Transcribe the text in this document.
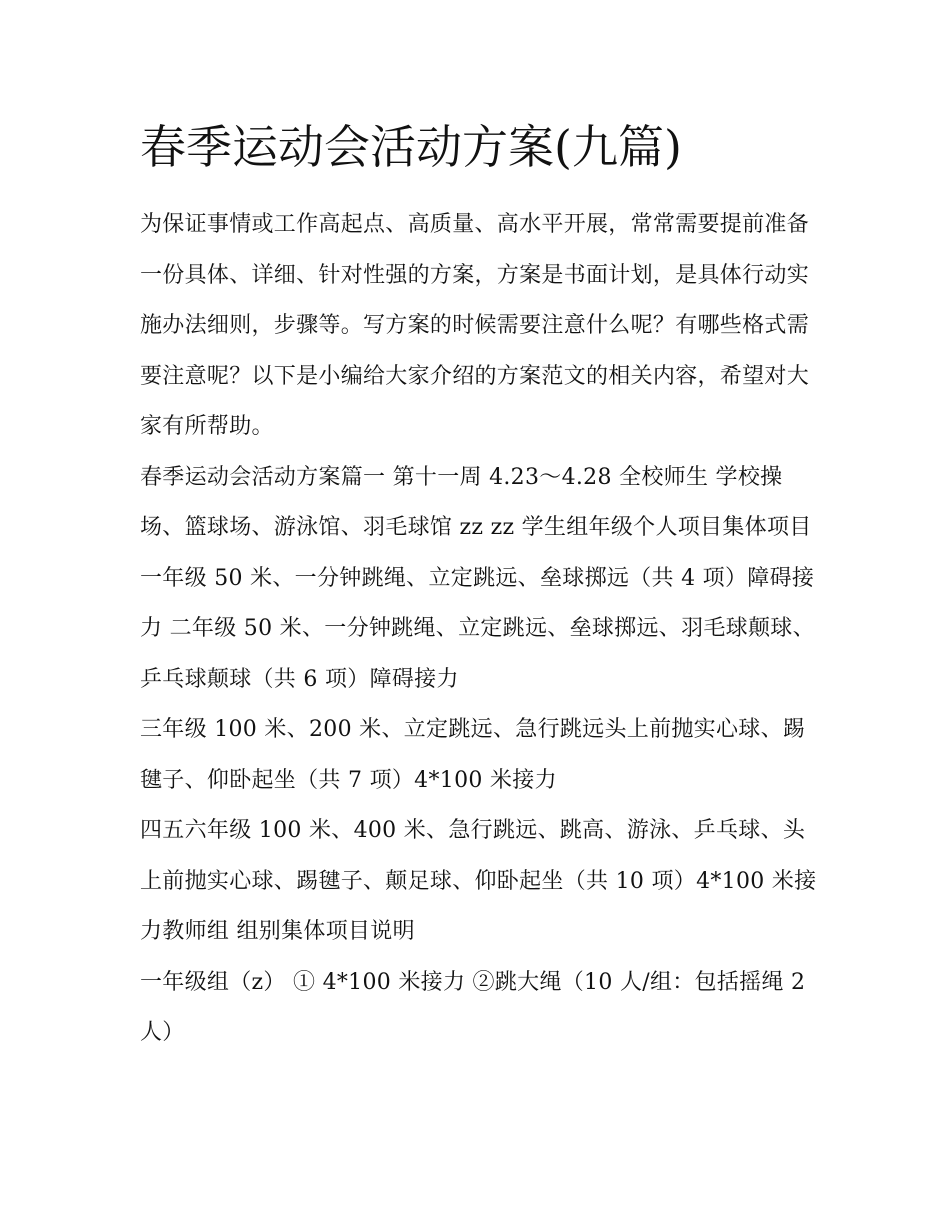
春季运动会活动方案(九篇)

为保证事情或工作高起点、高质量、高水平开展，常常需要提前准备一份具体、详细、针对性强的方案，方案是书面计划，是具体行动实施办法细则，步骤等。写方案的时候需要注意什么呢？有哪些格式需要注意呢？以下是小编给大家介绍的方案范文的相关内容，希望对大家有所帮助。

春季运动会活动方案篇一 第十一周 4.23～4.28 全校师生 学校操场、篮球场、游泳馆、羽毛球馆 zz zz 学生组年级个人项目集体项目

一年级 50 米、一分钟跳绳、立定跳远、垒球掷远（共 4 项）障碍接力 二年级 50 米、一分钟跳绳、立定跳远、垒球掷远、羽毛球颠球、乒乓球颠球（共 6 项）障碍接力

三年级 100 米、200 米、立定跳远、急行跳远头上前抛实心球、踢毽子、仰卧起坐（共 7 项）4*100 米接力

四五六年级 100 米、400 米、急行跳远、跳高、游泳、乒乓球、头上前抛实心球、踢毽子、颠足球、仰卧起坐（共 10 项）4*100 米接力教师组 组别集体项目说明

一年级组（z） ① 4*100 米接力 ②跳大绳（10 人/组：包括摇绳 2 人）
